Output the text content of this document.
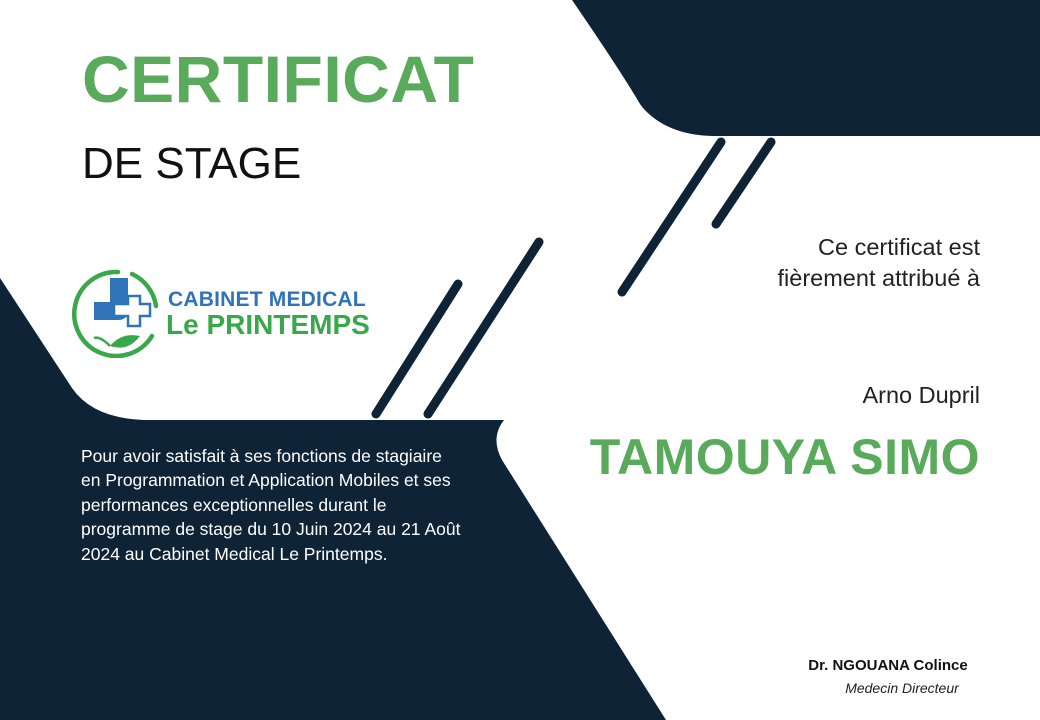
CERTIFICAT
DE STAGE
CABINET MEDICAL
Le PRINTEMPS

Pour avoir satisfait à ses fonctions de stagiaire en Programmation et Application Mobiles et ses performances exceptionnelles durant le programme de stage du 10 Juin 2024 au 21 Août 2024 au Cabinet Medical Le Printemps.

Ce certificat est
fièrement attribué à
Arno Dupril
TAMOUYA SIMO
Dr. NGOUANA Colince
Medecin Directeur
